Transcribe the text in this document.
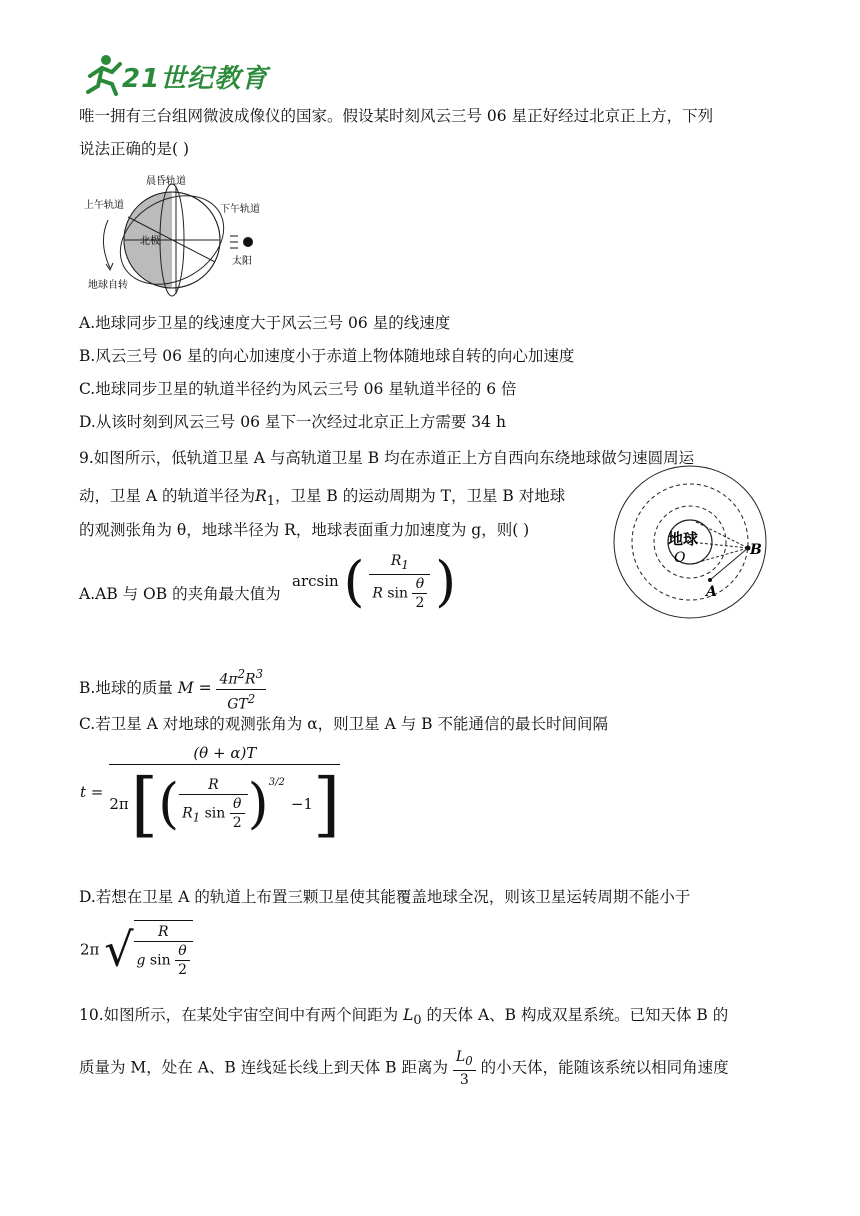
21世纪教育
唯一拥有三台组网微波成像仪的国家。假设某时刻风云三号 06 星正好经过北京正上方，下列
说法正确的是( )
晨昏轨道
上午轨道	下午轨道
北极
太阳
地球自转
A.地球同步卫星的线速度大于风云三号 06 星的线速度
B.风云三号 06 星的向心加速度小于赤道上物体随地球自转的向心加速度
C.地球同步卫星的轨道半径约为风云三号 06 星轨道半径的 6 倍
D.从该时刻到风云三号 06 星下一次经过北京正上方需要 34 h
9.如图所示，低轨道卫星 A 与高轨道卫星 B 均在赤道正上方自西向东绕地球做匀速圆周运
动，卫星 A 的轨道半径为$R_1$，卫星 B 的运动周期为 T，卫星 B 对地球
的观测张角为 θ，地球半径为 R，地球表面重力加速度为 g，则( )	地球
O
A
B
A.AB 与 OB 的夹角最大值为
arcsin ( $\frac{R_1}{R \sin \frac{\theta}{2}}$ )
B.地球的质量 $M = \frac{4\pi^2R^3}{GT^2}$
C.若卫星 A 对地球的观测张角为 α，则卫星 A 与 B 不能通信的最长时间间隔
t =
(θ + α)T
2π [ ( $\frac{R}{R_1 \sin \frac{\theta}{2}}$ ) 3/2
−1 ]
D.若想在卫星 A 的轨道上布置三颗卫星使其能覆盖地球全况，则该卫星运转周期不能小于
2π √ $\frac{R}{g \sin \frac{\theta}{2}}$
10.如图所示，在某处宇宙空间中有两个间距为 $L_0$ 的天体 A、B 构成双星系统。已知天体 B 的
质量为 M，处在 A、B 连线延长线上到天体 B 距离为 $\frac{L_0}{3}$ 的小天体，能随该系统以相同角速度
